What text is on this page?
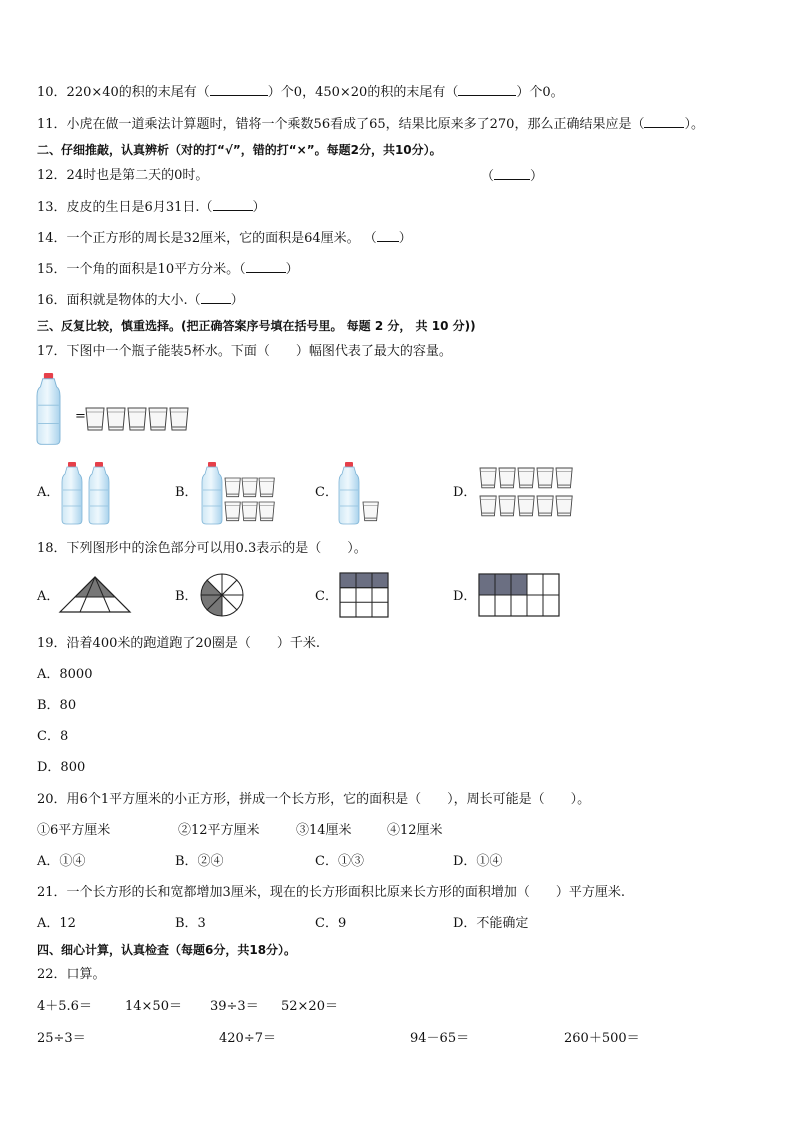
10．220×40的积的末尾有（	）个0，450×20的积的末尾有（	）个0。
11．小虎在做一道乘法计算题时，错将一个乘数56看成了65，结果比原来多了270，那么正确结果应是（	）。
二、仔细推敲，认真辨析（对的打“√”，错的打“×”。每题2分，共10分）。
12．24时也是第二天的0时。	（	）
13．皮皮的生日是6月31日.（	）
14．一个正方形的周长是32厘米，它的面积是64厘米。 （ ）
15．一个角的面积是10平方分米。（	）
16．面积就是物体的大小.（ ）
三、反复比较，慎重选择。(把正确答案序号填在括号里。 每题 2 分， 共 10 分))
17．下图中一个瓶子能装5杯水。下面（　　）幅图代表了最大的容量。
=
A．	B．	C．	D．
18．下列图形中的涂色部分可以用0.3表示的是（　　）。
A．	B．	C．	D．
19．沿着400米的跑道跑了20圈是（　　）千米.
A．8000
B．80
C．8
D．800
20．用6个1平方厘米的小正方形，拼成一个长方形，它的面积是（　　），周长可能是（　　）。
①6平方厘米	②12平方厘米	③14厘米	④12厘米
A．①④	B．②④	C．①③	D．①④
21．一个长方形的长和宽都增加3厘米，现在的长方形面积比原来长方形的面积增加（　　）平方厘米.
A．12	B．3	C．9	D．不能确定
四、细心计算，认真检查（每题6分，共18分）。
22．口算。
4＋5.6＝	14×50＝ 39÷3＝ 52×20＝
25÷3＝	420÷7＝	94－65＝	260＋500＝
